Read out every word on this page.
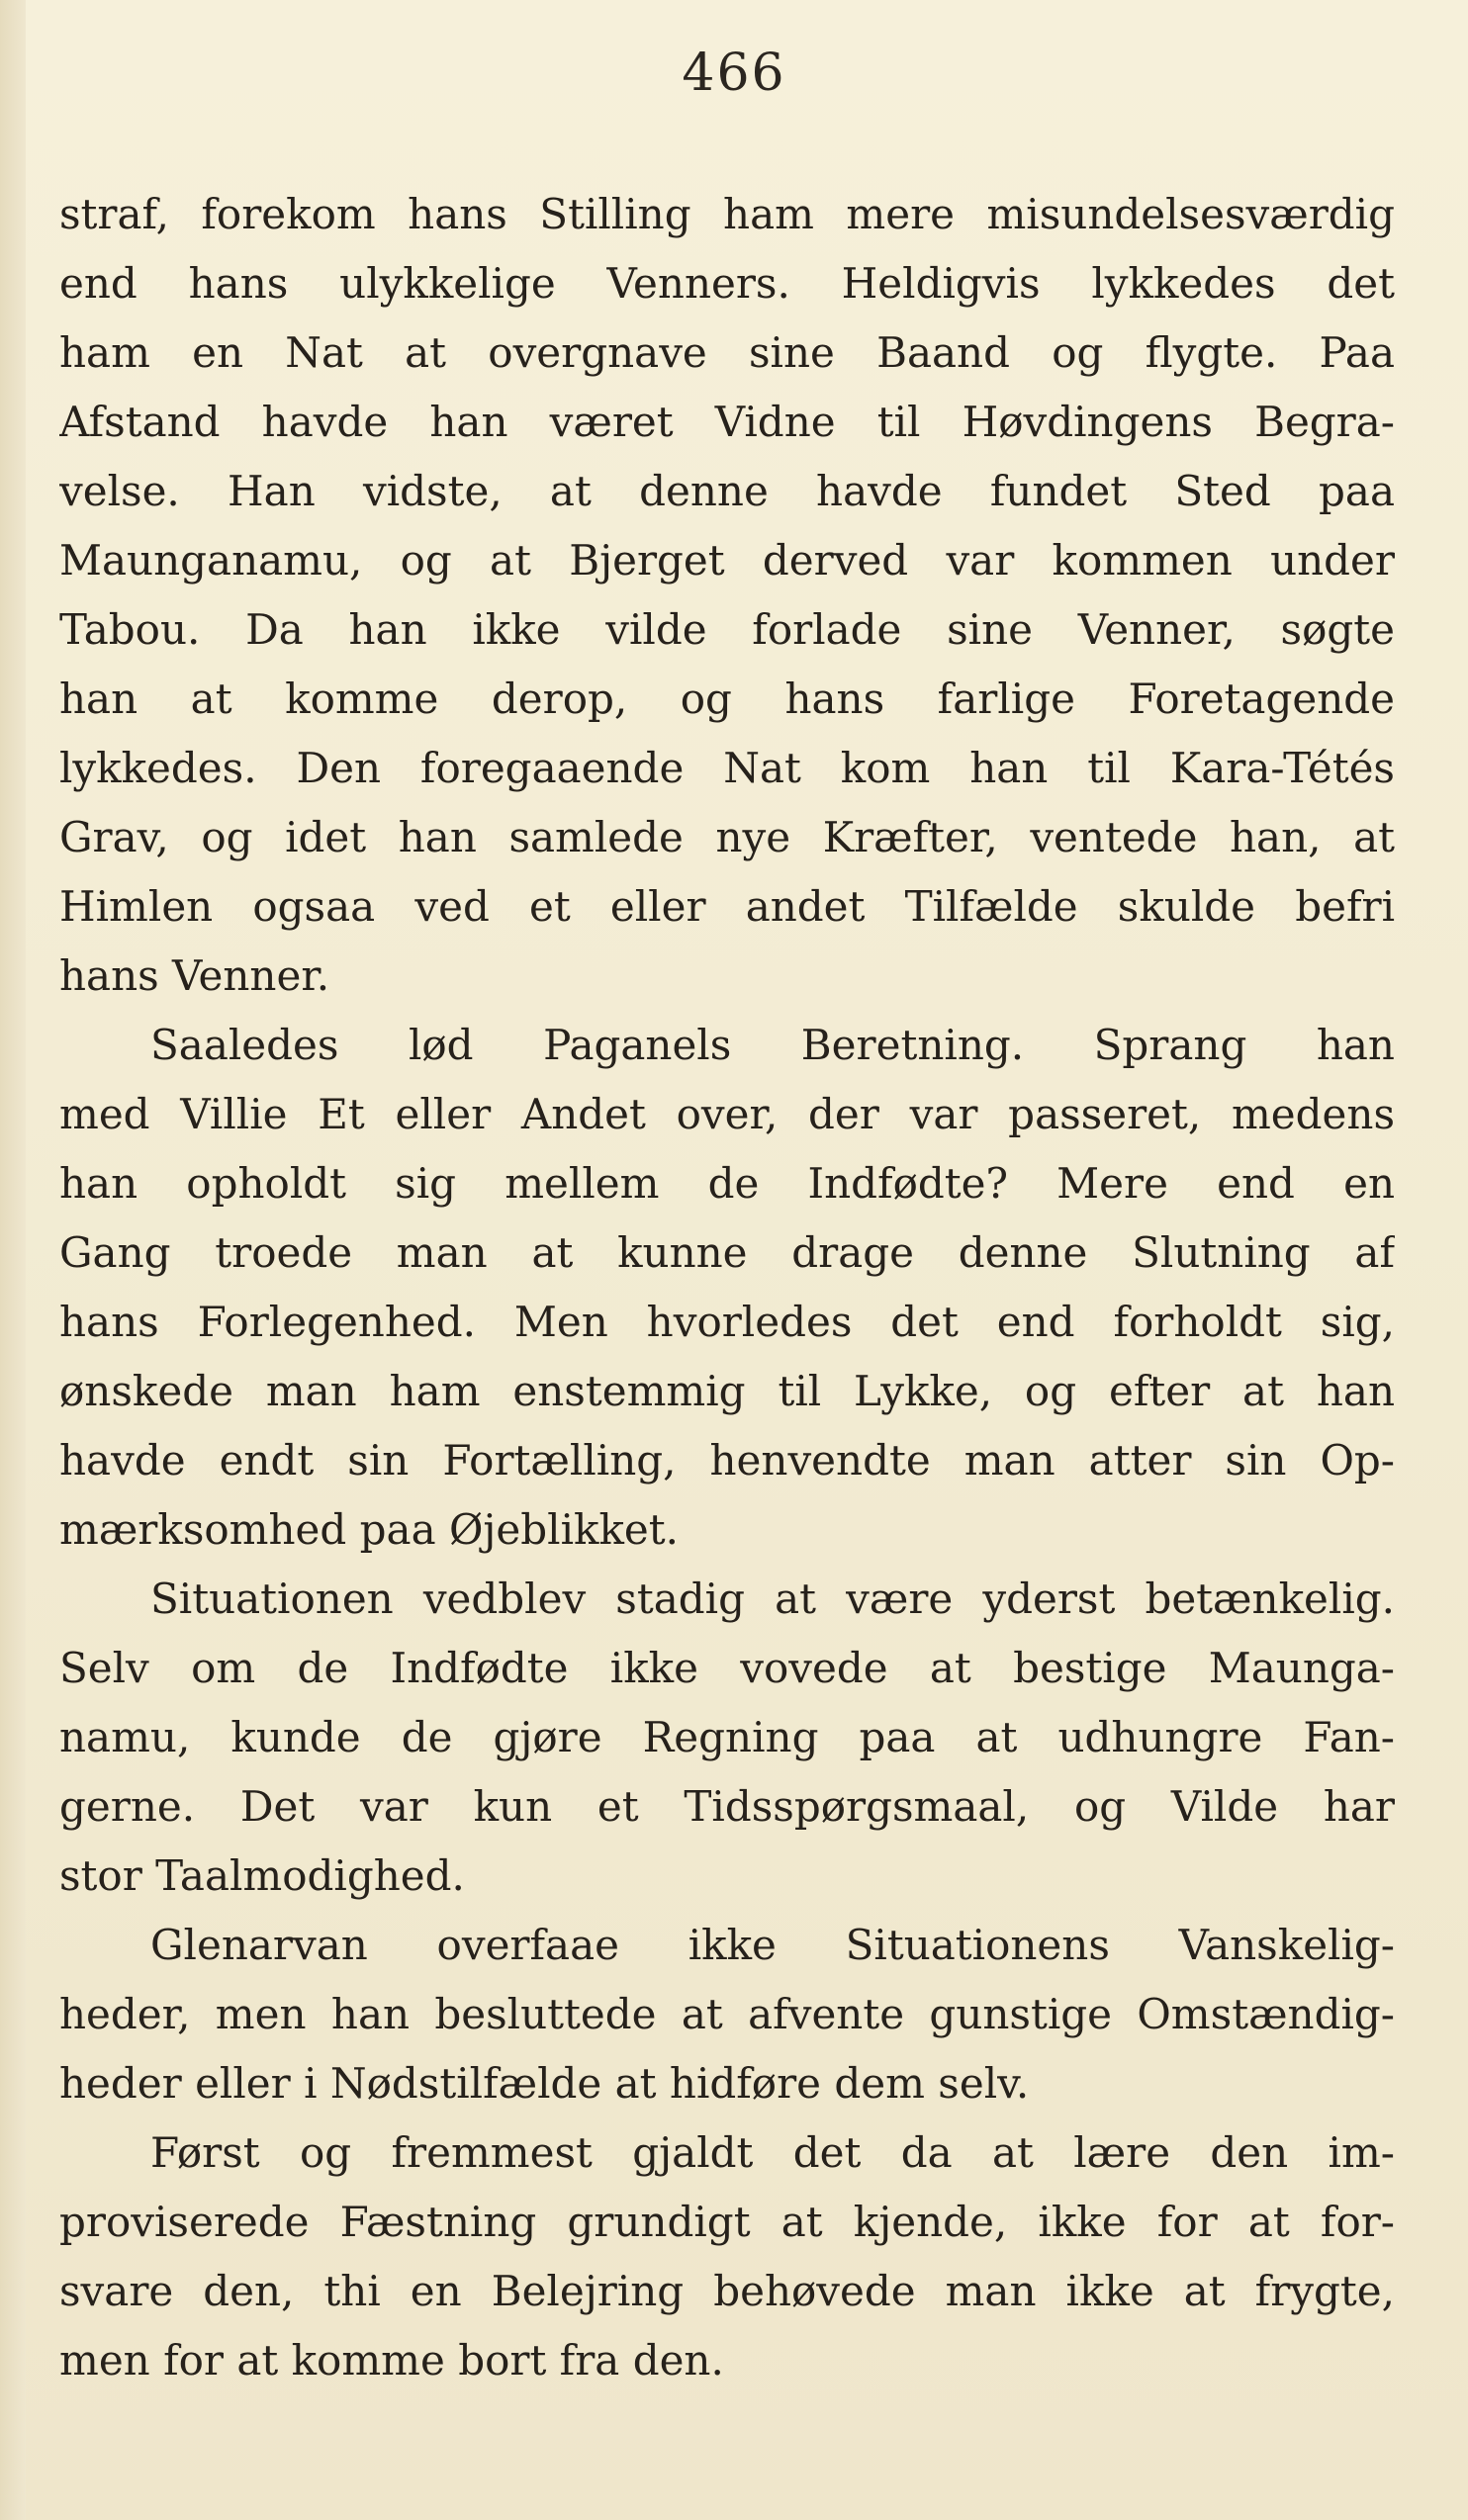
466
straf, forekom hans Stilling ham mere misundelsesværdig
end hans ulykkelige Venners. Heldigvis lykkedes det
ham en Nat at overgnave sine Baand og flygte. Paa
Afstand havde han været Vidne til Høvdingens Begra-
velse. Han vidste, at denne havde fundet Sted paa
Maunganamu, og at Bjerget derved var kommen under
Tabou. Da han ikke vilde forlade sine Venner, søgte
han at komme derop, og hans farlige Foretagende
lykkedes. Den foregaaende Nat kom han til Kara-Tétés
Grav, og idet han samlede nye Kræfter, ventede han, at
Himlen ogsaa ved et eller andet Tilfælde skulde befri
hans Venner.
Saaledes lød Paganels Beretning. Sprang han
med Villie Et eller Andet over, der var passeret, medens
han opholdt sig mellem de Indfødte? Mere end en
Gang troede man at kunne drage denne Slutning af
hans Forlegenhed. Men hvorledes det end forholdt sig,
ønskede man ham enstemmig til Lykke, og efter at han
havde endt sin Fortælling, henvendte man atter sin Op-
mærksomhed paa Øjeblikket.
Situationen vedblev stadig at være yderst betænkelig.
Selv om de Indfødte ikke vovede at bestige Maunga-
namu, kunde de gjøre Regning paa at udhungre Fan-
gerne. Det var kun et Tidsspørgsmaal, og Vilde har
stor Taalmodighed.
Glenarvan overfaae ikke Situationens Vanskelig-
heder, men han besluttede at afvente gunstige Omstændig-
heder eller i Nødstilfælde at hidføre dem selv.
Først og fremmest gjaldt det da at lære den im-
proviserede Fæstning grundigt at kjende, ikke for at for-
svare den, thi en Belejring behøvede man ikke at frygte,
men for at komme bort fra den.
